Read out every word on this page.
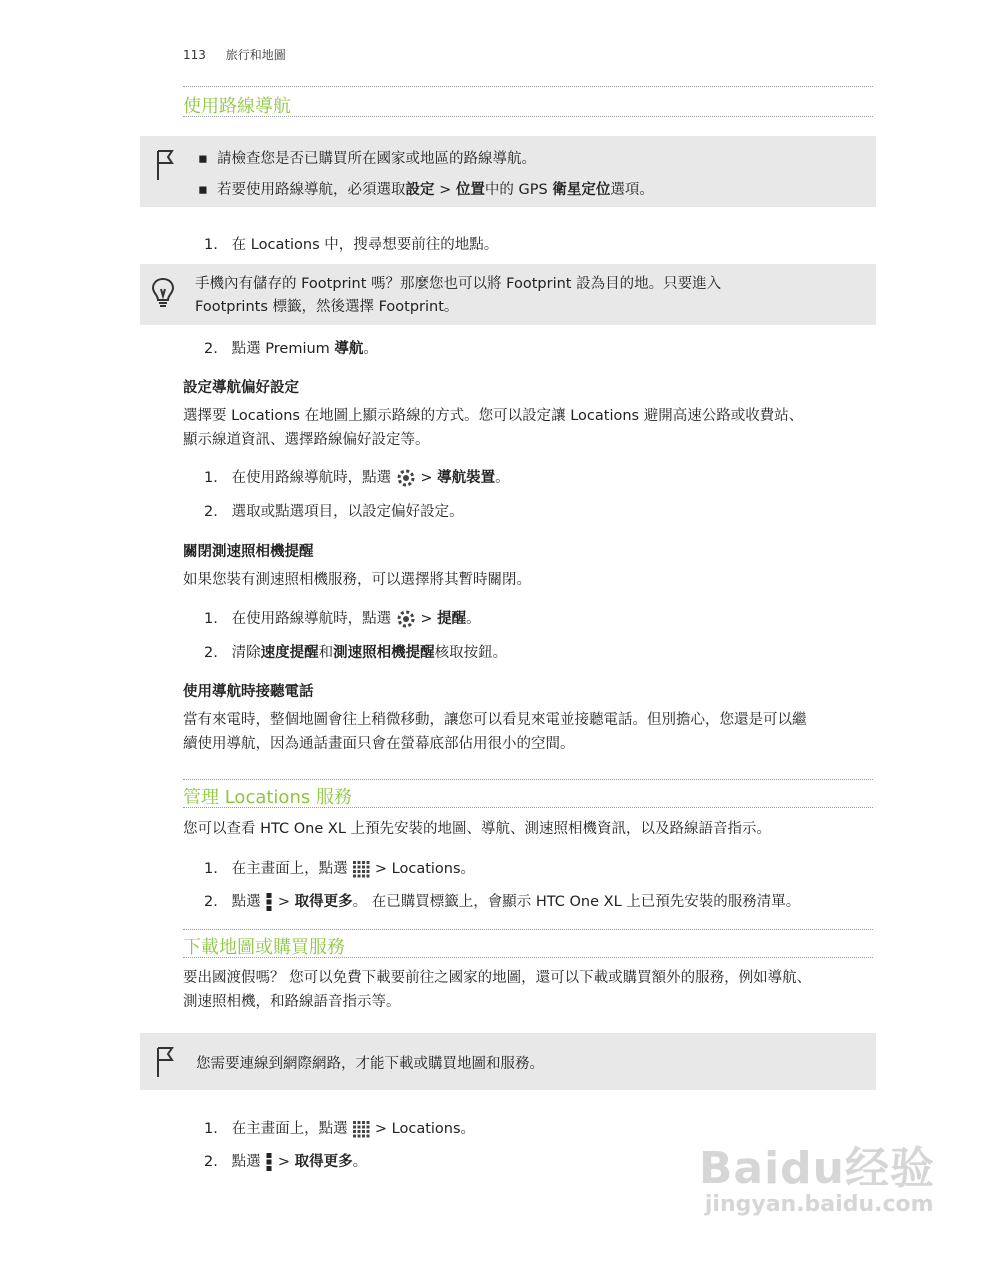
113 旅行和地圖
使用路線導航
▪  請檢查您是否已購買所在國家或地區的路線導航。
▪  若要使用路線導航，必須選取設定 > 位置中的 GPS 衛星定位選項。
1. 在 Locations 中，搜尋想要前往的地點。
手機內有儲存的 Footprint 嗎？那麼您也可以將 Footprint 設為目的地。只要進入
Footprints 標籤，然後選擇 Footprint。
2. 點選 Premium 導航。
設定導航偏好設定
選擇要 Locations 在地圖上顯示路線的方式。您可以設定讓 Locations 避開高速公路或收費站、
顯示線道資訊、選擇路線偏好設定等。
1. 在使用路線導航時，點選  > 導航裝置。
2. 選取或點選項目，以設定偏好設定。
關閉測速照相機提醒
如果您裝有測速照相機服務，可以選擇將其暫時關閉。
1. 在使用路線導航時，點選  > 提醒。
2. 清除速度提醒和測速照相機提醒核取按鈕。
使用導航時接聽電話
當有來電時，整個地圖會往上稍微移動，讓您可以看見來電並接聽電話。但別擔心，您還是可以繼
續使用導航，因為通話畫面只會在螢幕底部佔用很小的空間。
管理 Locations 服務
您可以查看 HTC One XL 上預先安裝的地圖、導航、測速照相機資訊，以及路線語音指示。
1. 在主畫面上，點選  > Locations。
2. 點選  > 取得更多。 在已購買標籤上，會顯示 HTC One XL 上已預先安裝的服務清單。
下載地圖或購買服務
要出國渡假嗎？ 您可以免費下載要前往之國家的地圖，還可以下載或購買額外的服務，例如導航、
測速照相機，和路線語音指示等。
您需要連線到網際網路，才能下載或購買地圖和服務。
1. 在主畫面上，點選  > Locations。
2. 點選  > 取得更多。	Baidu经验
jingyan.baidu.com
